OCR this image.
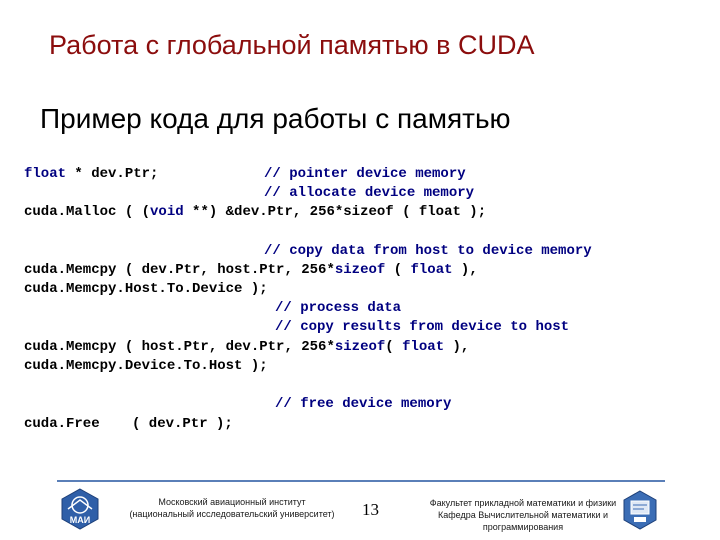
Работа с глобальной памятью в CUDA
Пример кода для работы с памятью
float * dev.Ptr;	// pointer device memory
// allocate device memory
cuda.Malloc ( (void **) &dev.Ptr, 256*sizeof ( float );
// copy data from host to device memory
cuda.Memcpy ( dev.Ptr, host.Ptr, 256*sizeof ( float ),
cuda.Memcpy.Host.To.Device );
// process data
// copy results from device to host
cuda.Memcpy ( host.Ptr, dev.Ptr, 256*sizeof( float ),
cuda.Memcpy.Device.To.Host );
// free device memory
cuda.Free ( dev.Ptr );
МАИ
Московский авиационный институт
(национальный исследовательский университет)	13	Факультет прикладной математики и физики
Кафедра Вычислительной математики и
программирования
